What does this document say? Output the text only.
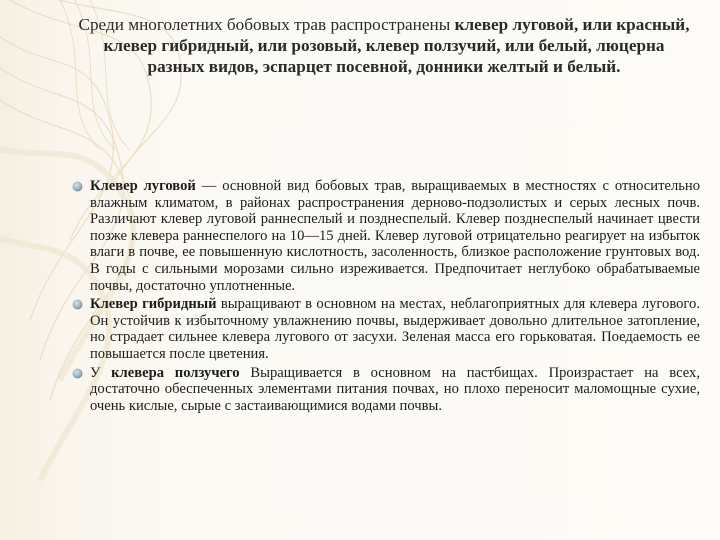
Среди многолетних бобовых трав распространены клевер луговой, или красный, клевер гибридный, или розовый, клевер ползучий, или белый, люцерна разных видов, эспарцет посевной, донники желтый и белый.
Клевер луговой — основной вид бобовых трав, выращиваемых в местностях с относительно влажным климатом, в районах распространения дерново-подзолистых и серых лесных почв. Различают клевер луговой раннеспелый и позднеспелый. Клевер позднеспелый начинает цвести позже клевера раннеспелого на 10—15 дней. Клевер луговой отрицательно реагирует на избыток влаги в почве, ее повышенную кислотность, засоленность, близкое расположение грунтовых вод. В годы с сильными морозами сильно изреживается. Предпочитает неглубоко обрабатываемые почвы, достаточно уплотненные.
Клевер гибридный выращивают в основном на местах, неблагоприятных для клевера лугового. Он устойчив к избыточному увлажнению почвы, выдерживает довольно длительное затопление, но страдает сильнее клевера лугового от засухи. Зеленая масса его горьковатая. Поедаемость ее повышается после цветения.
У клевера ползучего Выращивается в основном на пастбищах. Произрастает на всех, достаточно обеспеченных элементами питания почвах, но плохо переносит маломощные сухие, очень кислые, сырые с застаивающимися водами почвы.
